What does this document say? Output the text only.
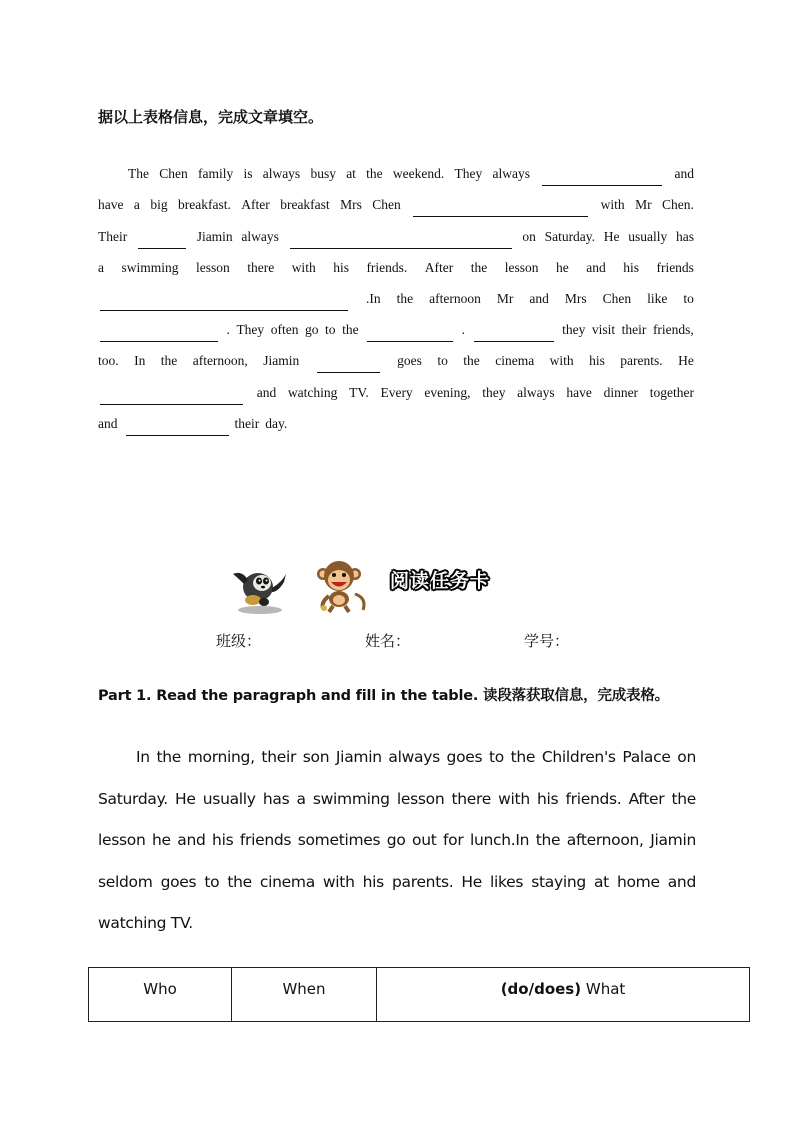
据以上表格信息，完成文章填空。
The Chen family is always busy at the weekend. They always	and
have a big breakfast. After breakfast Mrs Chen	with Mr Chen.
Their	Jiamin always	on Saturday. He usually has
a swimming lesson there with his friends. After the lesson he and his friends
.In the afternoon Mr and Mrs Chen like to
. They often go to the	.	they visit their friends,
too. In the afternoon, Jiamin	goes to the cinema with his parents. He
and watching TV. Every evening, they always have dinner together
and	their day.
阅读任务卡
班级：	姓名：	学号：
Part 1. Read the paragraph and fill in the table. 读段落获取信息，完成表格。
In the morning, their son Jiamin always goes to the Children's Palace on Saturday. He usually has a swimming lesson there with his friends. After the lesson he and his friends sometimes go out for lunch.In the afternoon, Jiamin seldom goes to the cinema with his parents. He likes staying at home and watching TV.
Who	When	(do/does) What
